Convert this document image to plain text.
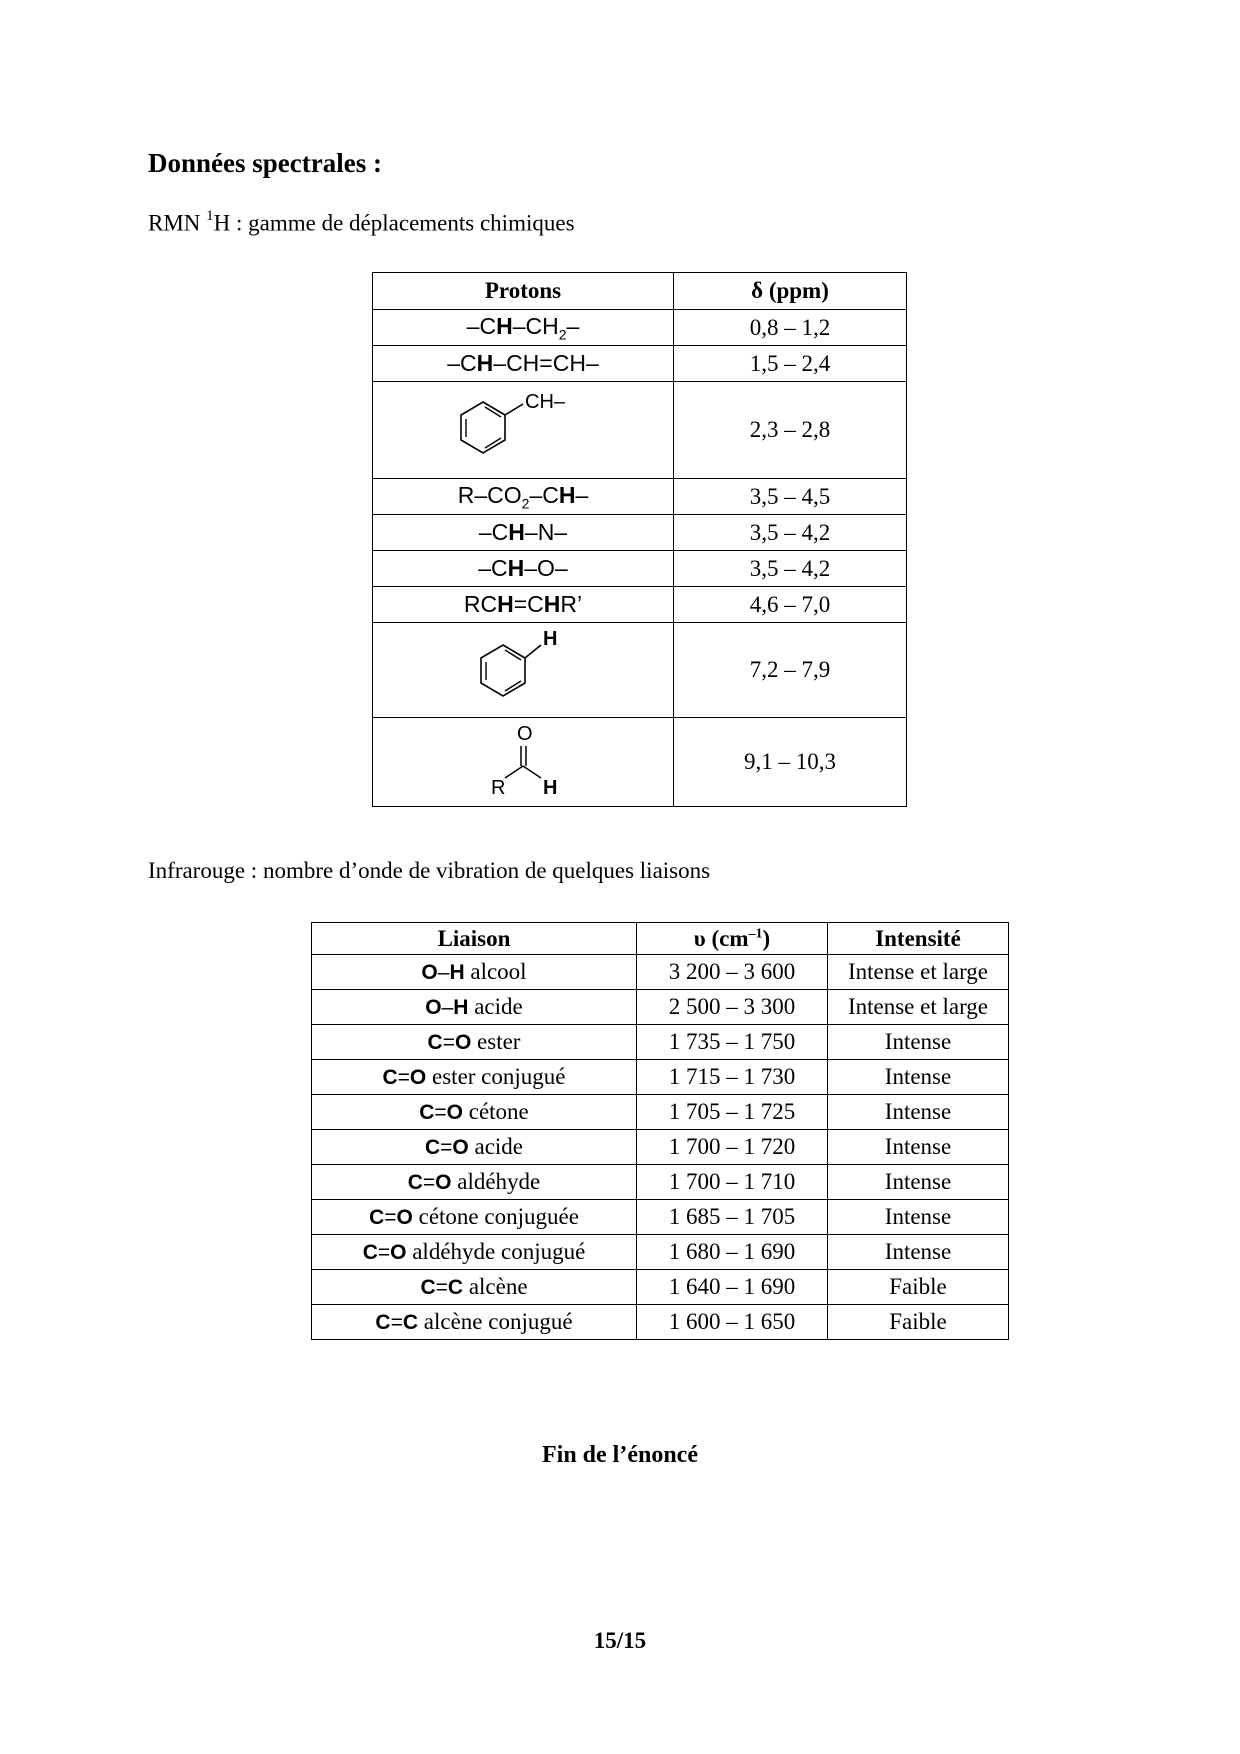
Données spectrales :
RMN $^1$H : gamme de déplacements chimiques
Protons	δ (ppm)
$-CH-CH_2-$	0,8 – 1,2
–CH–CH=CH–	1,5 – 2,4

CH–	2,3 – 2,8
$R-CO_2-CH-$	3,5 – 4,5
–CH–N–	3,5 – 4,2
–CH–O–	3,5 – 4,2
RCH=CHR’	4,6 – 7,0

H	7,2 – 7,9

O
R H	9,1 – 10,3
Infrarouge : nombre d’onde de vibration de quelques liaisons
Liaison	υ $(cm^{-1})$	Intensité
O–H alcool	3 200 – 3 600	Intense et large
O–H acide	2 500 – 3 300	Intense et large
C=O ester	1 735 – 1 750	Intense
C=O ester conjugué	1 715 – 1 730	Intense
C=O cétone	1 705 – 1 725	Intense
C=O acide	1 700 – 1 720	Intense
C=O aldéhyde	1 700 – 1 710	Intense
C=O cétone conjuguée	1 685 – 1 705	Intense
C=O aldéhyde conjugué	1 680 – 1 690	Intense
C=C alcène	1 640 – 1 690	Faible
C=C alcène conjugué	1 600 – 1 650	Faible
Fin de l’énoncé
15/15
